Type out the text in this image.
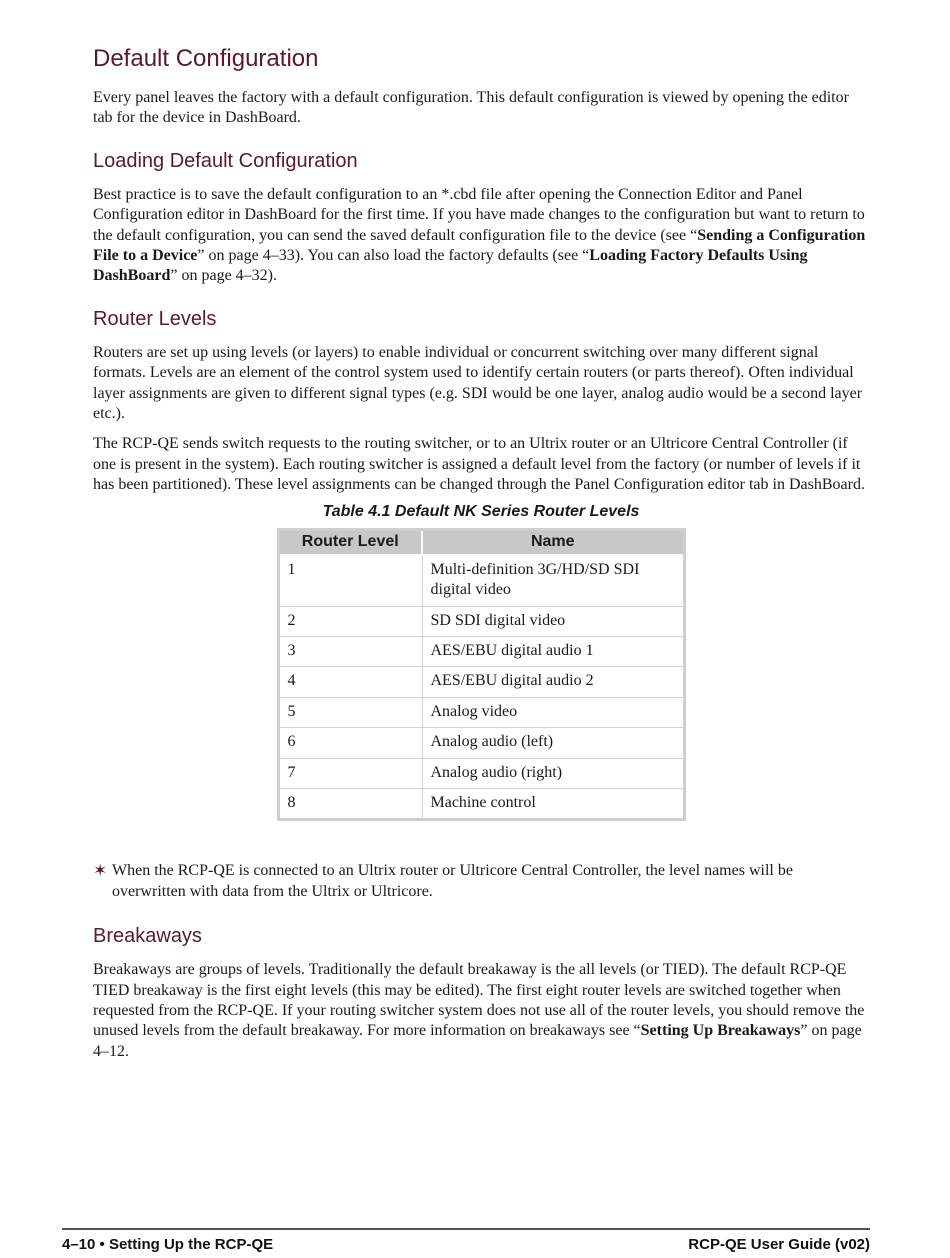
Default Configuration

Every panel leaves the factory with a default configuration. This default configuration is viewed by opening the editor tab for the device in DashBoard.

Loading Default Configuration

Best practice is to save the default configuration to an *.cbd file after opening the Connection Editor and Panel Configuration editor in DashBoard for the first time. If you have made changes to the configuration but want to return to the default configuration, you can send the saved default configuration file to the device (see “Sending a Configuration File to a Device” on page 4–33). You can also load the factory defaults (see “Loading Factory Defaults Using DashBoard” on page 4–32).

Router Levels

Routers are set up using levels (or layers) to enable individual or concurrent switching over many different signal formats. Levels are an element of the control system used to identify certain routers (or parts thereof). Often individual layer assignments are given to different signal types (e.g. SDI would be one layer, analog audio would be a second layer etc.).

The RCP-QE sends switch requests to the routing switcher, or to an Ultrix router or an Ultricore Central Controller (if one is present in the system). Each routing switcher is assigned a default level from the factory (or number of levels if it has been partitioned). These level assignments can be changed through the Panel Configuration editor tab in DashBoard.

Table 4.1 Default NK Series Router Levels
Router Level	Name
1	Multi-definition 3G/HD/SD SDI digital video
2	SD SDI digital video
3	AES/EBU digital audio 1
4	AES/EBU digital audio 2
5	Analog video
6	Analog audio (left)
7	Analog audio (right)
8	Machine control
✶ When the RCP-QE is connected to an Ultrix router or Ultricore Central Controller, the level names will be overwritten with data from the Ultrix or Ultricore.

Breakaways

Breakaways are groups of levels. Traditionally the default breakaway is the all levels (or TIED). The default RCP-QE TIED breakaway is the first eight levels (this may be edited). The first eight router levels are switched together when requested from the RCP-QE. If your routing switcher system does not use all of the router levels, you should remove the unused levels from the default breakaway. For more information on breakaways see “Setting Up Breakaways” on page 4–12.

4–10 • Setting Up the RCP-QE	RCP-QE User Guide (v02)
